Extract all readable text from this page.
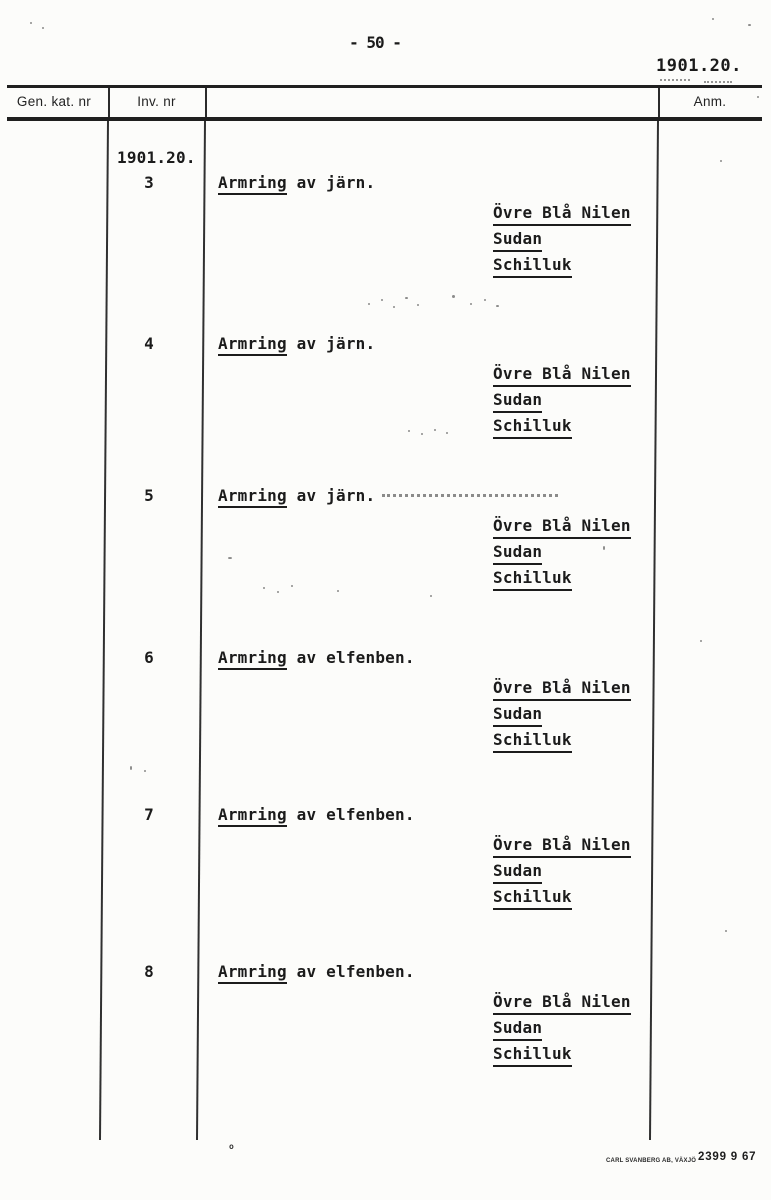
- 50 -
1901.20.
Gen. kat. nr	Inv. nr	Anm.
1901.20.
3	Armring av järn.
Övre Blå Nilen
Sudan
Schilluk
4	Armring av järn.
Övre Blå Nilen
Sudan
Schilluk
5	Armring av järn.
Övre Blå Nilen
Sudan
Schilluk
6	Armring av elfenben.
Övre Blå Nilen
Sudan
Schilluk
7	Armring av elfenben.
Övre Blå Nilen
Sudan
Schilluk
8	Armring av elfenben.
Övre Blå Nilen
Sudan
Schilluk
CARL SVANBERG AB, VÄXJÖ 2399 9 67
o
